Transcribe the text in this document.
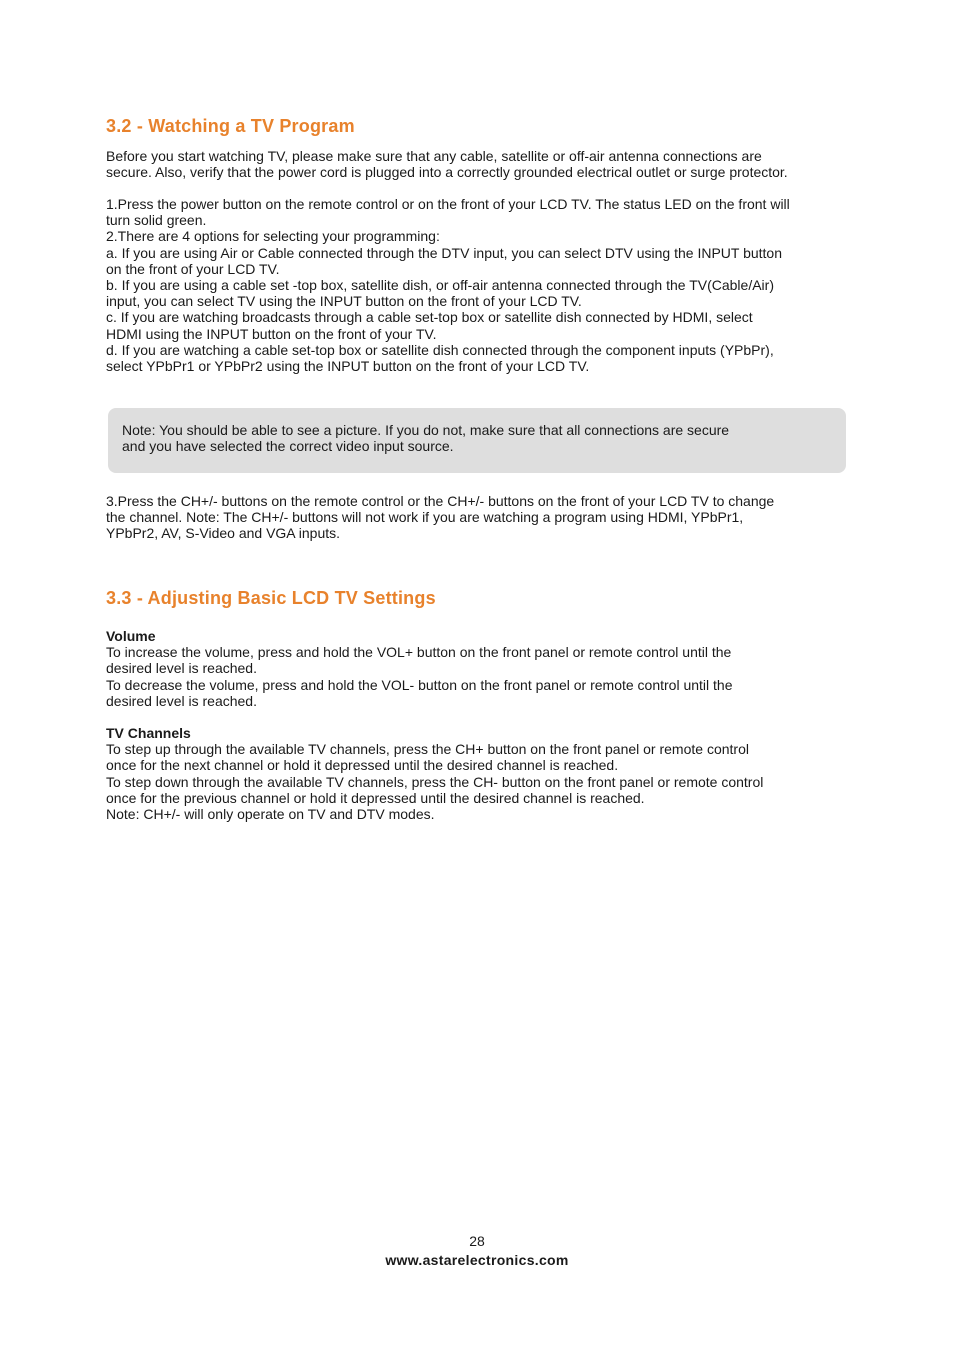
3.2 - Watching a TV Program

Before you start watching TV, please make sure that any cable, satellite or off-air antenna connections are

secure. Also, verify that the power cord is plugged into a correctly grounded electrical outlet or surge protector.

1.Press the power button on the remote control or on the front of your LCD TV. The status LED on the front will

turn solid green.

2.There are 4 options for selecting your programming:

a. If you are using Air or Cable connected through the DTV input, you can select DTV using the INPUT button

on the front of your LCD TV.

b. If you are using a cable set -top box, satellite dish, or off-air antenna connected through the TV(Cable/Air)

input, you can select TV using the INPUT button on the front of your LCD TV.

c. If you are watching broadcasts through a cable set-top box or satellite dish connected by HDMI, select

HDMI using the INPUT button on the front of your TV.

d. If you are watching a cable set-top box or satellite dish connected through the component inputs (YPbPr),

select YPbPr1 or YPbPr2 using the INPUT button on the front of your LCD TV.

Note: You should be able to see a picture. If you do not, make sure that all connections are secure

and you have selected the correct video input source.

3.Press the CH+/- buttons on the remote control or the CH+/- buttons on the front of your LCD TV to change

the channel. Note: The CH+/- buttons will not work if you are watching a program using HDMI, YPbPr1,

YPbPr2, AV, S-Video and VGA inputs.

3.3 - Adjusting Basic LCD TV Settings

Volume

To increase the volume, press and hold the VOL+ button on the front panel or remote control until the

desired level is reached.

To decrease the volume, press and hold the VOL- button on the front panel or remote control until the

desired level is reached.

TV Channels

To step up through the available TV channels, press the CH+ button on the front panel or remote control

once for the next channel or hold it depressed until the desired channel is reached.

To step down through the available TV channels, press the CH- button on the front panel or remote control

once for the previous channel or hold it depressed until the desired channel is reached.

Note: CH+/- will only operate on TV and DTV modes.

28
www.astarelectronics.com
